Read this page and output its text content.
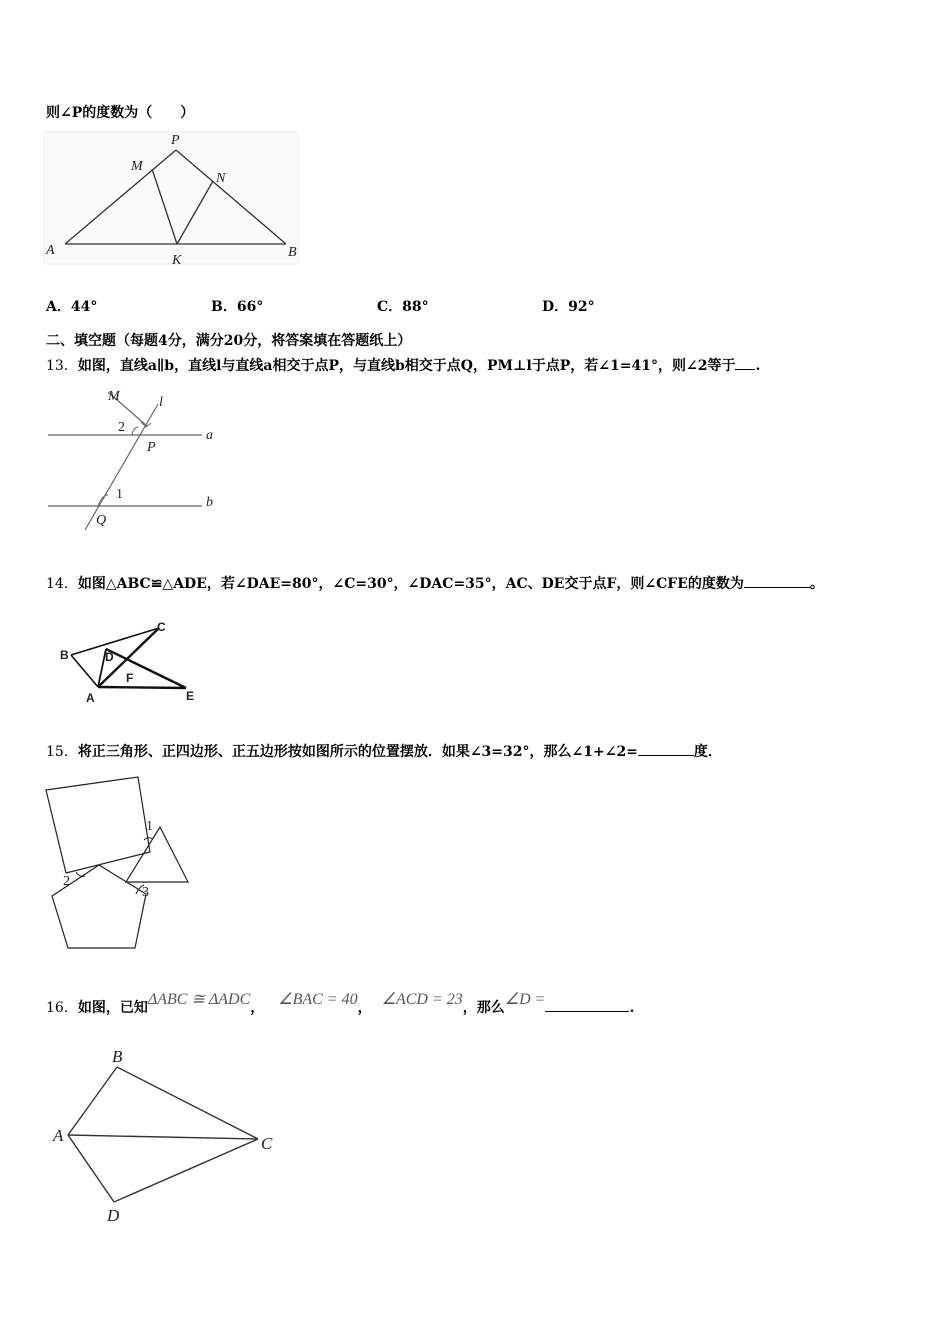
则∠P的度数为（　　）
P
M
N
A
K
B
A．44°	B．66°	C．88°	D．92°
二、填空题（每题4分，满分20分，将答案填在答题纸上）
13．如图，直线a∥b，直线l与直线a相交于点P，与直线b相交于点Q，PM⊥l于点P，若∠1=41°，则∠2等于 .
M	l
2
a
P
1
b
Q
14．如图△ABC≌△ADE，若∠DAE=80°，∠C=30°，∠DAC=35°，AC、DE交于点F，则∠CFE的度数为	。
C
B	D
F
A	E
15．将正三角形、正四边形、正五边形按如图所示的位置摆放．如果∠3=32°，那么∠1+∠2=	度．
1
2
3
16．如图，已知ΔABC ≅ ΔADC， ∠BAC = 40， ∠ACD = 23，那么∠D =	.
B
A	C
D
